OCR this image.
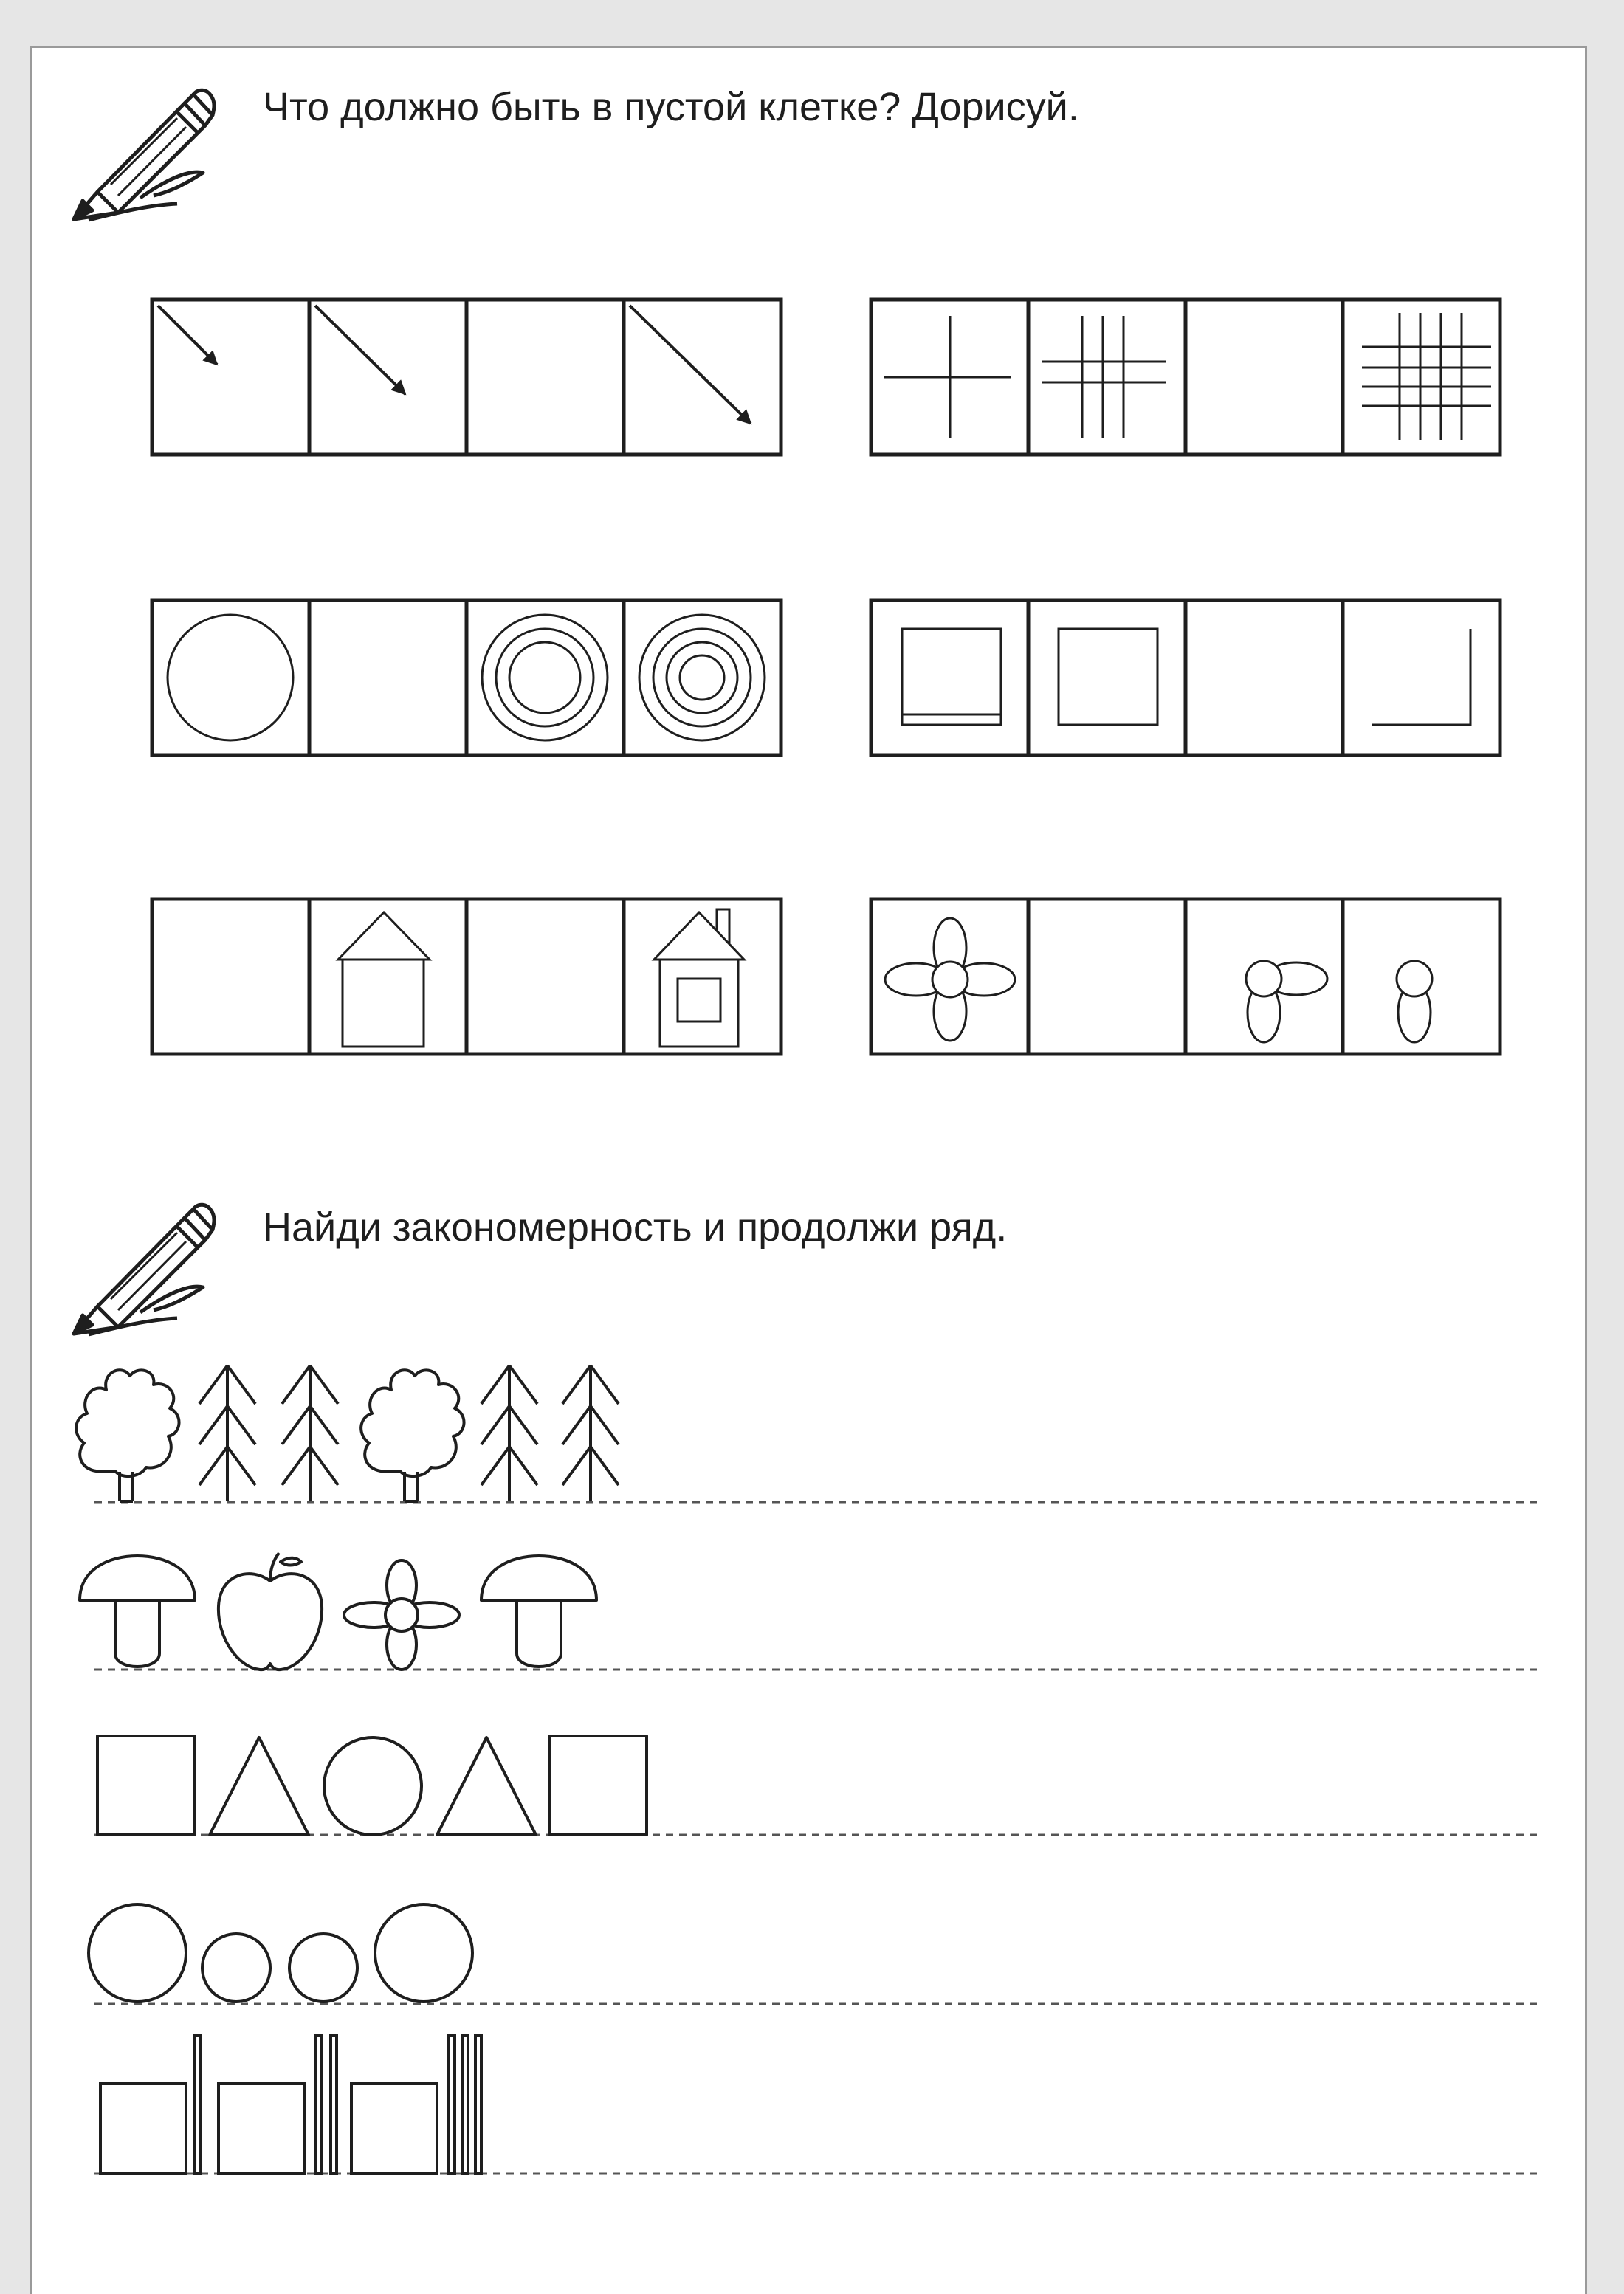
Что должно быть в пустой клетке? Дорисуй.
Найди закономерность и продолжи ряд.
